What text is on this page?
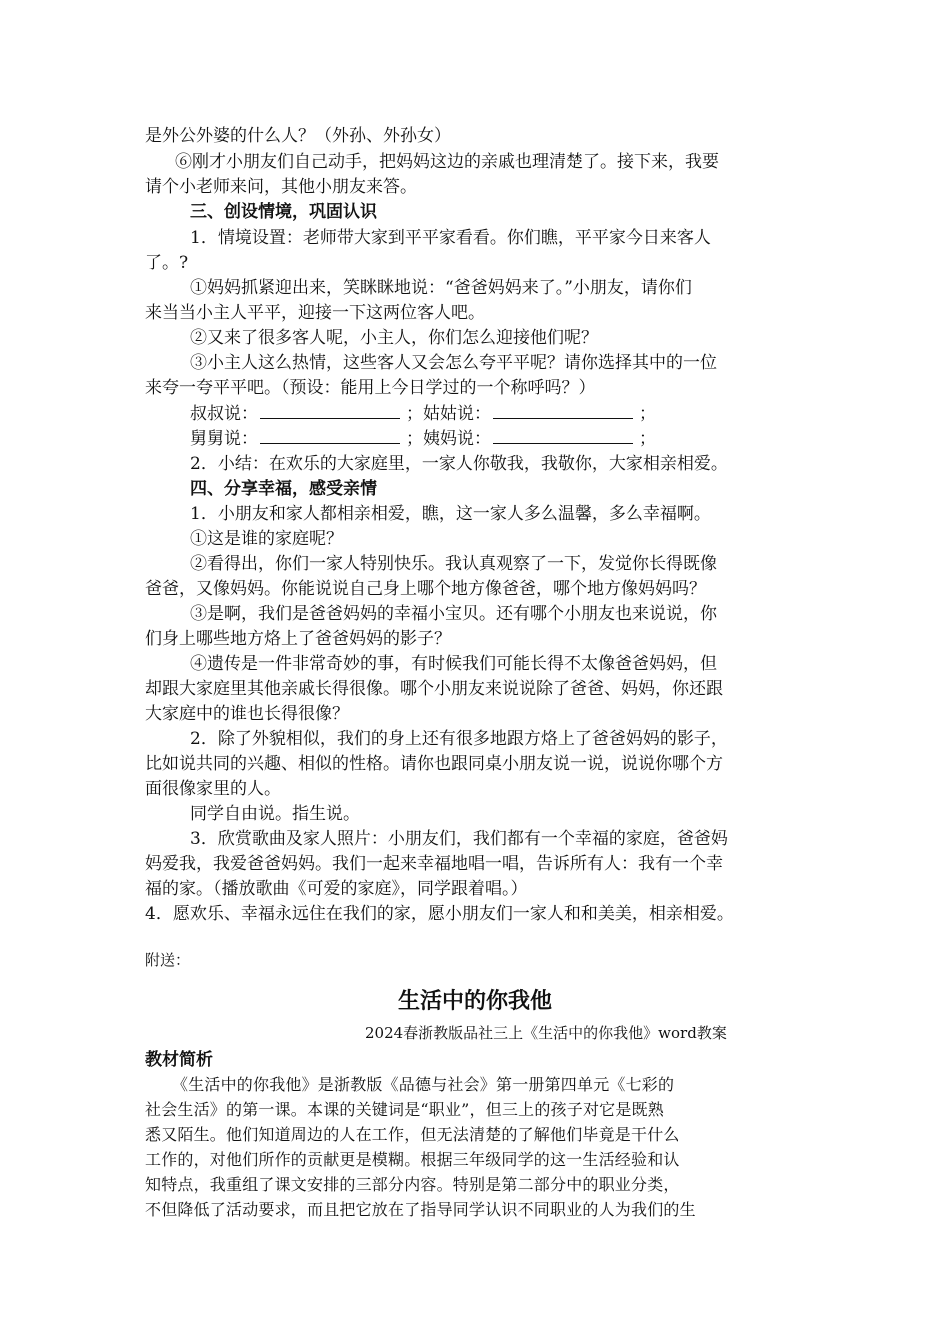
是外公外婆的什么人？（外孙、外孙女）
⑥刚才小朋友们自己动手，把妈妈这边的亲戚也理清楚了。接下来，我要
请个小老师来问，其他小朋友来答。
三、创设情境，巩固认识
1．情境设置：老师带大家到平平家看看。你们瞧，平平家今日来客人
了。?
①妈妈抓紧迎出来，笑眯眯地说：“爸爸妈妈来了。”小朋友，请你们
来当当小主人平平，迎接一下这两位客人吧。
②又来了很多客人呢，小主人，你们怎么迎接他们呢？
③小主人这么热情，这些客人又会怎么夸平平呢？请你选择其中的一位
来夸一夸平平吧。（预设：能用上今日学过的一个称呼吗？）
叔叔说：	；姑姑说：	；
舅舅说：	；姨妈说：	；
2．小结：在欢乐的大家庭里，一家人你敬我，我敬你，大家相亲相爱。
四、分享幸福，感受亲情
1．小朋友和家人都相亲相爱，瞧，这一家人多么温馨，多么幸福啊。
①这是谁的家庭呢？
②看得出，你们一家人特别快乐。我认真观察了一下，发觉你长得既像
爸爸，又像妈妈。你能说说自己身上哪个地方像爸爸，哪个地方像妈妈吗？
③是啊，我们是爸爸妈妈的幸福小宝贝。还有哪个小朋友也来说说，你
们身上哪些地方烙上了爸爸妈妈的影子？
④遗传是一件非常奇妙的事，有时候我们可能长得不太像爸爸妈妈，但
却跟大家庭里其他亲戚长得很像。哪个小朋友来说说除了爸爸、妈妈，你还跟
大家庭中的谁也长得很像？
2．除了外貌相似，我们的身上还有很多地跟方烙上了爸爸妈妈的影子，
比如说共同的兴趣、相似的性格。请你也跟同桌小朋友说一说，说说你哪个方
面很像家里的人。
同学自由说。指生说。
3．欣赏歌曲及家人照片：小朋友们，我们都有一个幸福的家庭，爸爸妈
妈爱我，我爱爸爸妈妈。我们一起来幸福地唱一唱，告诉所有人：我有一个幸
福的家。（播放歌曲《可爱的家庭》，同学跟着唱。）
4．愿欢乐、幸福永远住在我们的家，愿小朋友们一家人和和美美，相亲相爱。
附送：
生活中的你我他
2024春浙教版品社三上《生活中的你我他》word教案
教材简析
《生活中的你我他》是浙教版《品德与社会》第一册第四单元《七彩的
社会生活》的第一课。本课的关键词是“职业”，但三上的孩子对它是既熟
悉又陌生。他们知道周边的人在工作，但无法清楚的了解他们毕竟是干什么
工作的，对他们所作的贡献更是模糊。根据三年级同学的这一生活经验和认
知特点，我重组了课文安排的三部分内容。特别是第二部分中的职业分类，
不但降低了活动要求，而且把它放在了指导同学认识不同职业的人为我们的生
